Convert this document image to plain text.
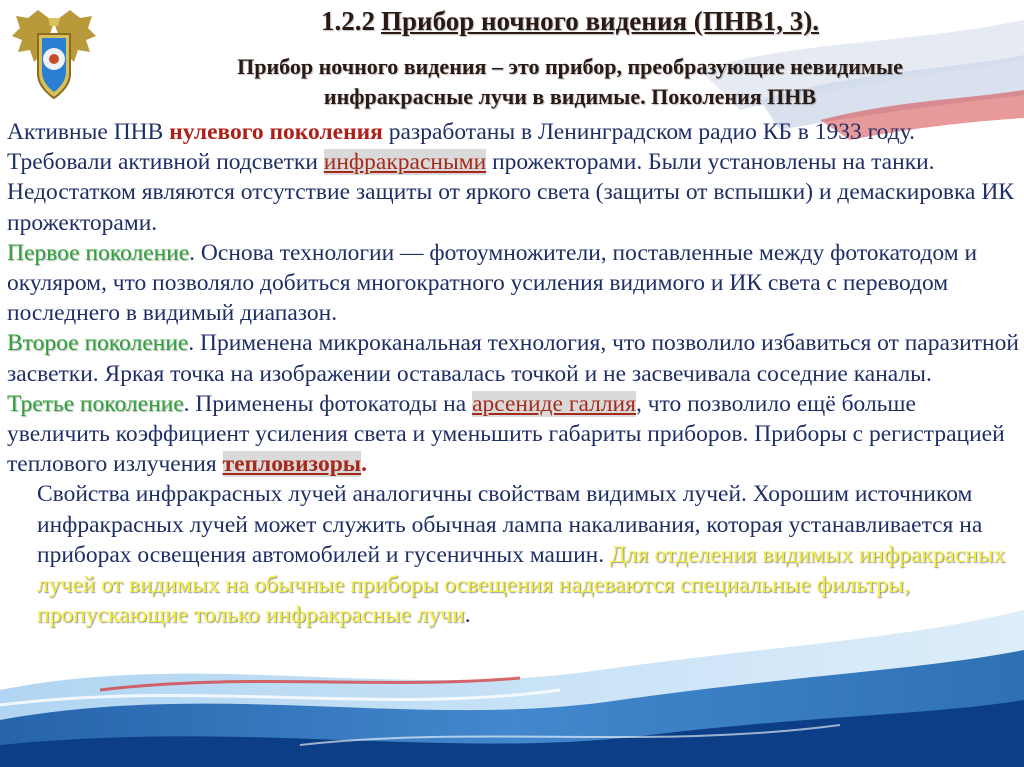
1.2.2 Прибор ночного видения (ПНВ1, 3).
Прибор ночного видения – это прибор, преобразующие невидимые
инфракрасные лучи в видимые. Поколения ПНВ

Активные ПНВ нулевого поколения разработаны в Ленинградском радио КБ в 1933 году. Требовали активной подсветки инфракрасными прожекторами. Были установлены на танки. Недостатком являются отсутствие защиты от яркого света (защиты от вспышки) и демаскировка ИК прожекторами.

Первое поколение. Основа технологии — фотоумножители, поставленные между фотокатодом и окуляром, что позволяло добиться многократного усиления видимого и ИК света с переводом последнего в видимый диапазон.

Второе поколение. Применена микроканальная технология, что позволило избавиться от паразитной засветки. Яркая точка на изображении оставалась точкой и не засвечивала соседние каналы.

Третье поколение. Применены фотокатоды на арсениде галлия, что позволило ещё больше увеличить коэффициент усиления света и уменьшить габариты приборов. Приборы с регистрацией теплового излучения тепловизоры.

Свойства инфракрасных лучей аналогичны свойствам видимых лучей. Хорошим источником инфракрасных лучей может служить обычная лампа накаливания, которая устанавливается на приборах освещения автомобилей и гусеничных машин. Для отделения видимых инфракрасных лучей от видимых на обычные приборы освещения надеваются специальные фильтры, пропускающие только инфракрасные лучи.
